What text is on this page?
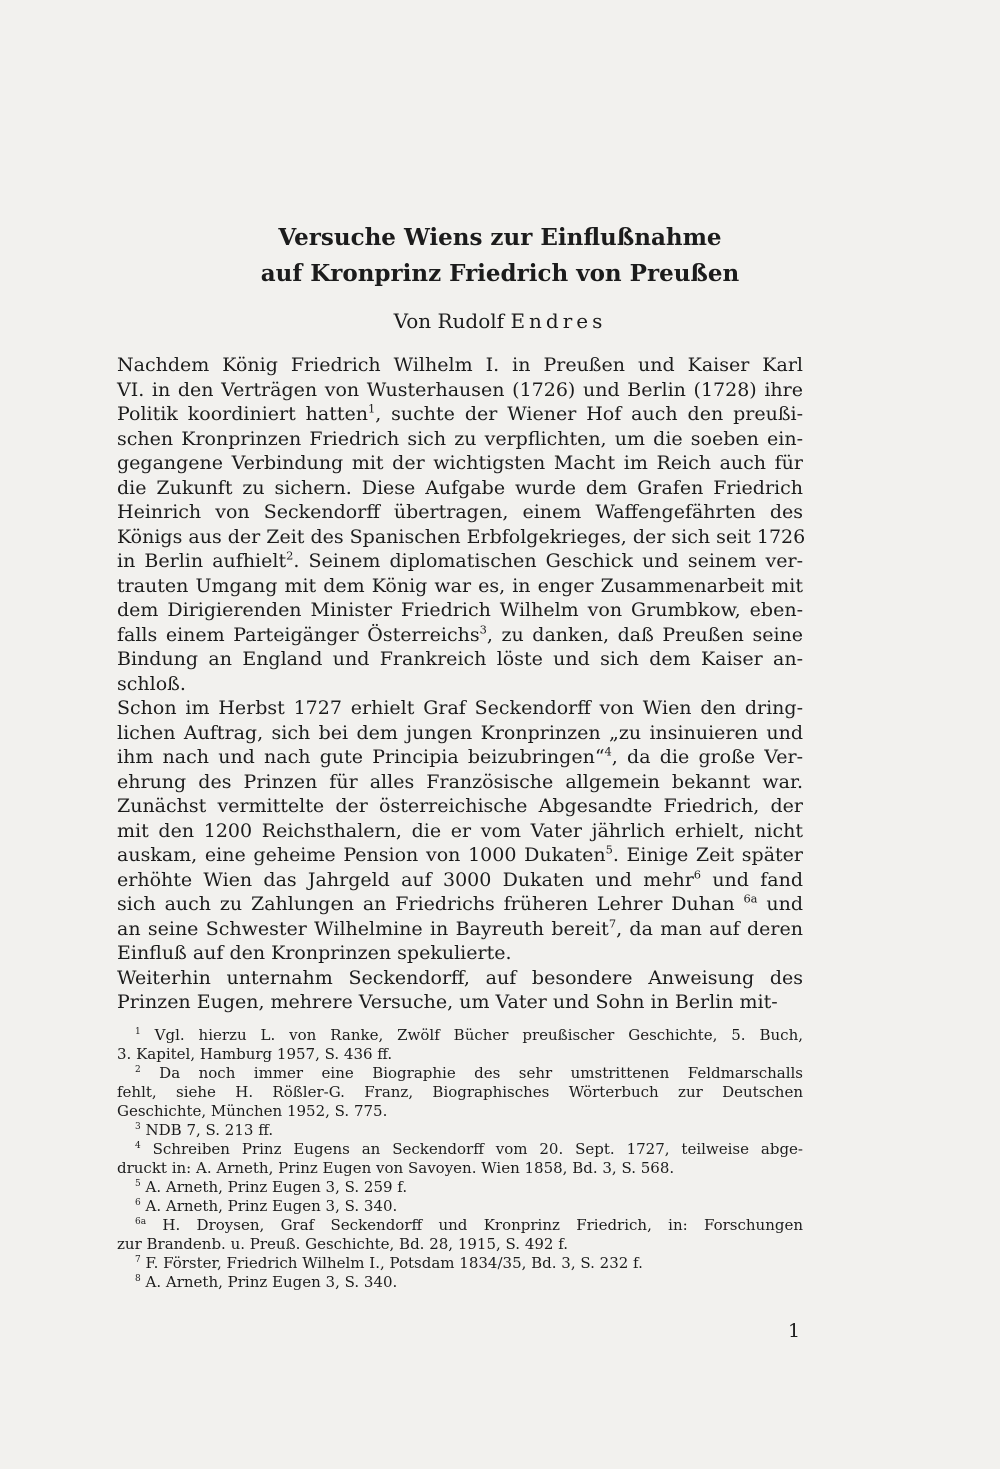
Versuche Wiens zur Einflußnahme
auf Kronprinz Friedrich von Preußen
Von Rudolf Endres
Nachdem König Friedrich Wilhelm I. in Preußen und Kaiser Karl
VI. in den Verträgen von Wusterhausen (1726) und Berlin (1728) ihre
Politik koordiniert hatten$^1$, suchte der Wiener Hof auch den preußi-
schen Kronprinzen Friedrich sich zu verpflichten, um die soeben ein-
gegangene Verbindung mit der wichtigsten Macht im Reich auch für
die Zukunft zu sichern. Diese Aufgabe wurde dem Grafen Friedrich
Heinrich von Seckendorff übertragen, einem Waffengefährten des
Königs aus der Zeit des Spanischen Erbfolgekrieges, der sich seit 1726
in Berlin aufhielt$^2$. Seinem diplomatischen Geschick und seinem ver-
trauten Umgang mit dem König war es, in enger Zusammenarbeit mit
dem Dirigierenden Minister Friedrich Wilhelm von Grumbkow, eben-
falls einem Parteigänger Österreichs$^3$, zu danken, daß Preußen seine
Bindung an England und Frankreich löste und sich dem Kaiser an-
schloß.
Schon im Herbst 1727 erhielt Graf Seckendorff von Wien den dring-
lichen Auftrag, sich bei dem jungen Kronprinzen „zu insinuieren und
ihm nach und nach gute Principia beizubringen“$^4$, da die große Ver-
ehrung des Prinzen für alles Französische allgemein bekannt war.
Zunächst vermittelte der österreichische Abgesandte Friedrich, der
mit den 1200 Reichsthalern, die er vom Vater jährlich erhielt, nicht
auskam, eine geheime Pension von 1000 Dukaten$^5$. Einige Zeit später
erhöhte Wien das Jahrgeld auf 3000 Dukaten und mehr$^6$ und fand
sich auch zu Zahlungen an Friedrichs früheren Lehrer Duhan $^{6a}$ und
an seine Schwester Wilhelmine in Bayreuth bereit$^7$, da man auf deren
Einfluß auf den Kronprinzen spekulierte.
Weiterhin unternahm Seckendorff, auf besondere Anweisung des
Prinzen Eugen, mehrere Versuche, um Vater und Sohn in Berlin mit-
$^1$ Vgl. hierzu L. von Ranke, Zwölf Bücher preußischer Geschichte, 5. Buch,
3. Kapitel, Hamburg 1957, S. 436 ff.
$^2$ Da noch immer eine Biographie des sehr umstrittenen Feldmarschalls
fehlt, siehe H. Rößler-G. Franz, Biographisches Wörterbuch zur Deutschen
Geschichte, München 1952, S. 775.
$^3$ NDB 7, S. 213 ff.
$^4$ Schreiben Prinz Eugens an Seckendorff vom 20. Sept. 1727, teilweise abge-
druckt in: A. Arneth, Prinz Eugen von Savoyen. Wien 1858, Bd. 3, S. 568.
$^5$ A. Arneth, Prinz Eugen 3, S. 259 f.
$^6$ A. Arneth, Prinz Eugen 3, S. 340.
$^{6a}$ H. Droysen, Graf Seckendorff und Kronprinz Friedrich, in: Forschungen
zur Brandenb. u. Preuß. Geschichte, Bd. 28, 1915, S. 492 f.
$^7$ F. Förster, Friedrich Wilhelm I., Potsdam 1834/35, Bd. 3, S. 232 f.
$^8$ A. Arneth, Prinz Eugen 3, S. 340.
1
